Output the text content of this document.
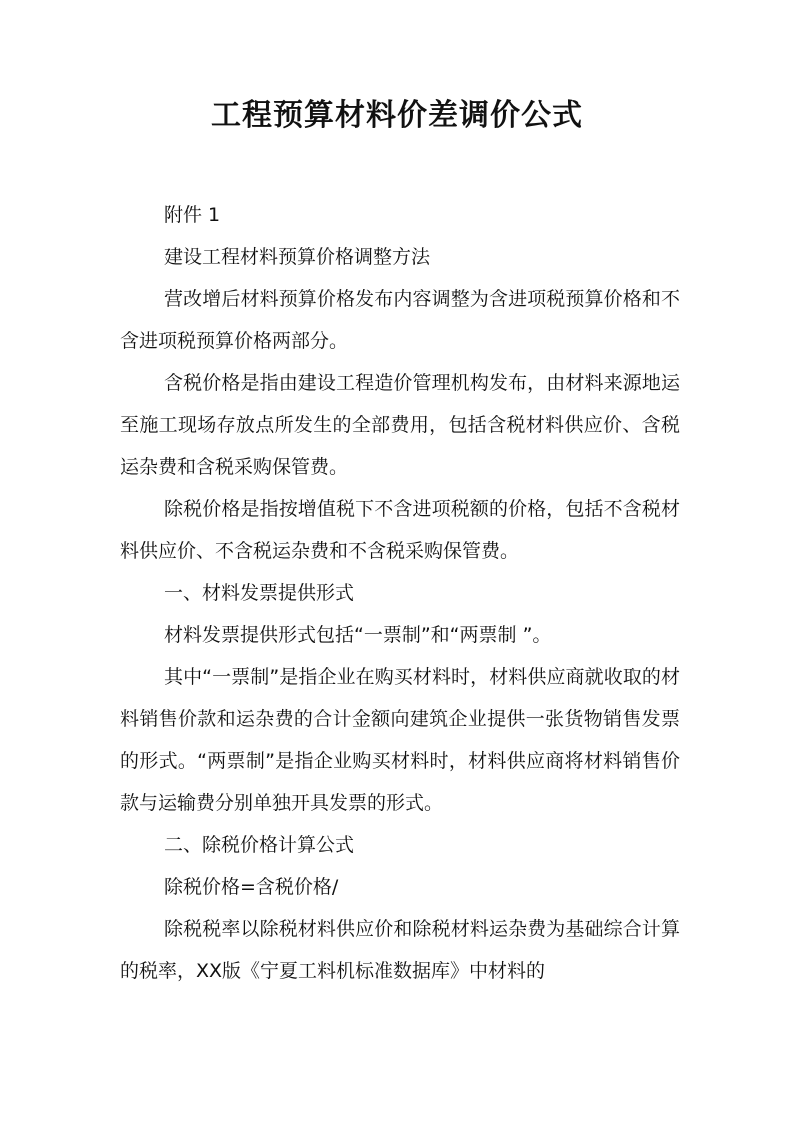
工程预算材料价差调价公式

附件 1

建设工程材料预算价格调整方法

营改增后材料预算价格发布内容调整为含进项税预算价格和不含进项税预算价格两部分。

含税价格是指由建设工程造价管理机构发布，由材料来源地运至施工现场存放点所发生的全部费用，包括含税材料供应价、含税运杂费和含税采购保管费。

除税价格是指按增值税下不含进项税额的价格，包括不含税材料供应价、不含税运杂费和不含税采购保管费。

一、材料发票提供形式

材料发票提供形式包括“一票制”和“两票制 ”。

其中“一票制”是指企业在购买材料时，材料供应商就收取的材料销售价款和运杂费的合计金额向建筑企业提供一张货物销售发票的形式。“两票制”是指企业购买材料时，材料供应商将材料销售价款与运输费分别单独开具发票的形式。

二、除税价格计算公式

除税价格=含税价格/

除税税率以除税材料供应价和除税材料运杂费为基础综合计算的税率，XX版《宁夏工料机标准数据库》中材料的
